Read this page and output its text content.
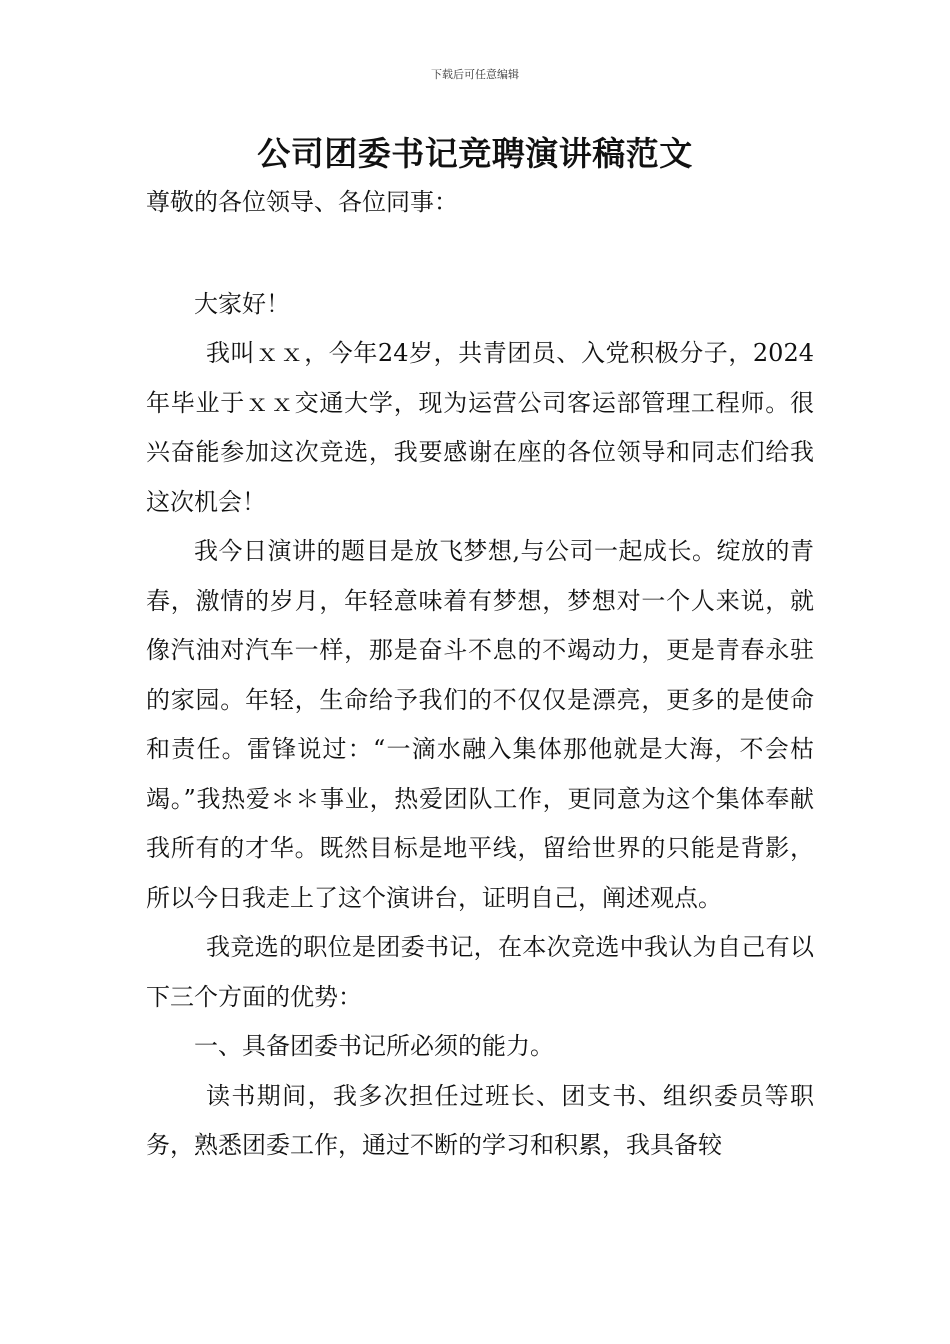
下载后可任意编辑
公司团委书记竞聘演讲稿范文

尊敬的各位领导、各位同事：

大家好！

我叫ｘｘ，今年24岁，共青团员、入党积极分子，2024年毕业于ｘｘ交通大学，现为运营公司客运部管理工程师。很兴奋能参加这次竞选，我要感谢在座的各位领导和同志们给我这次机会！

我今日演讲的题目是放飞梦想,与公司一起成长。绽放的青春，激情的岁月，年轻意味着有梦想，梦想对一个人来说，就像汽油对汽车一样，那是奋斗不息的不竭动力，更是青春永驻的家园。年轻，生命给予我们的不仅仅是漂亮，更多的是使命和责任。雷锋说过：“一滴水融入集体那他就是大海，不会枯竭。”我热爱＊＊事业，热爱团队工作，更同意为这个集体奉献我所有的才华。既然目标是地平线，留给世界的只能是背影，所以今日我走上了这个演讲台，证明自己，阐述观点。

我竞选的职位是团委书记，在本次竞选中我认为自己有以下三个方面的优势：

一、具备团委书记所必须的能力。

读书期间，我多次担任过班长、团支书、组织委员等职务，熟悉团委工作，通过不断的学习和积累，我具备较
